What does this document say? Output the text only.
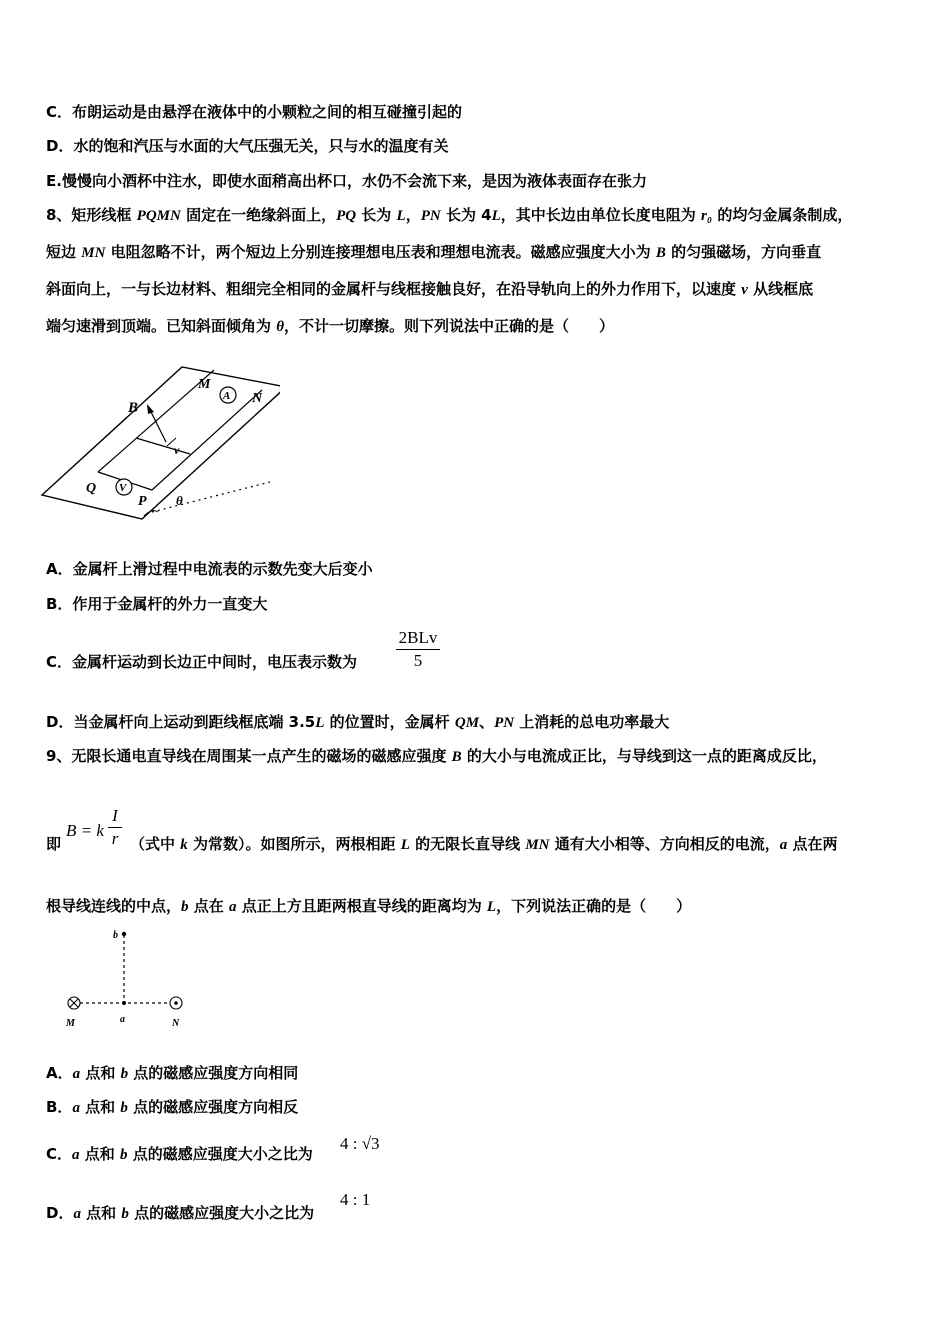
C．布朗运动是由悬浮在液体中的小颗粒之间的相互碰撞引起的
D．水的饱和汽压与水面的大气压强无关，只与水的温度有关
E.慢慢向小酒杯中注水，即使水面稍高出杯口，水仍不会流下来，是因为液体表面存在张力
8、矩形线框 PQMN 固定在一绝缘斜面上，PQ 长为 L，PN 长为 4L，其中长边由单位长度电阻为 r₀ 的均匀金属条制成，
短边 MN 电阻忽略不计，两个短边上分别连接理想电压表和理想电流表。磁感应强度大小为 B 的匀强磁场，方向垂直
斜面向上，一与长边材料、粗细完全相同的金属杆与线框接触良好，在沿导轨向上的外力作用下，以速度 v 从线框底
端匀速滑到顶端。已知斜面倾角为 θ，不计一切摩擦。则下列说法中正确的是（　　）
A
V
B
M
N
Q
P
v
θ
A．金属杆上滑过程中电流表的示数先变大后变小
B．作用于金属杆的外力一直变大
C．金属杆运动到长边正中间时，电压表示数为
2BLv
5
D．当金属杆向上运动到距线框底端 3.5L 的位置时，金属杆 QM、PN 上消耗的总电功率最大
9、无限长通电直导线在周围某一点产生的磁场的磁感应强度 B 的大小与电流成正比，与导线到这一点的距离成反比，
即
B = k
I
r （式中 k 为常数）。如图所示，两根相距 L 的无限长直导线 MN 通有大小相等、方向相反的电流，a 点在两
根导线连线的中点，b 点在 a 点正上方且距两根直导线的距离均为 L，下列说法正确的是（　　）
b
M	a	N
A．a 点和 b 点的磁感应强度方向相同
B．a 点和 b 点的磁感应强度方向相反
C．a 点和 b 点的磁感应强度大小之比为
4 : √3
D．a 点和 b 点的磁感应强度大小之比为
4 : 1
